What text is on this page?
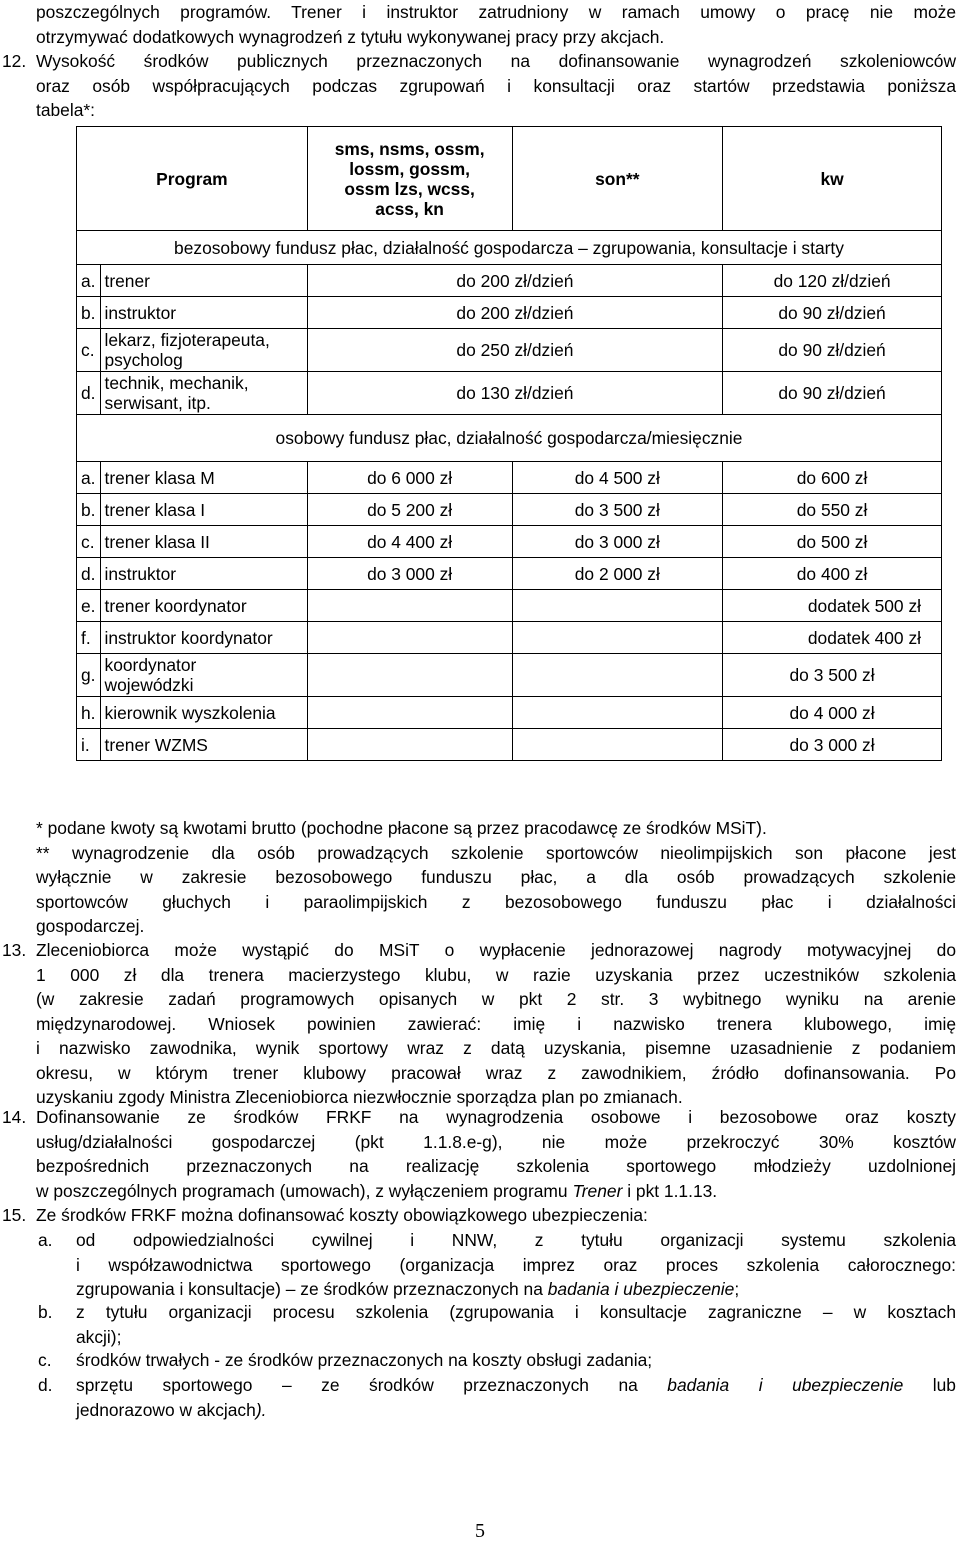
poszczególnych programów. Trener i instruktor zatrudniony w ramach umowy o pracę nie może
otrzymywać dodatkowych wynagrodzeń z tytułu wykonywanej pracy przy akcjach.
12. Wysokość środków publicznych przeznaczonych na dofinansowanie wynagrodzeń szkoleniowców
oraz osób współpracujących podczas zgrupowań i konsultacji oraz startów przedstawia poniższa
tabela*:
Program		sms, nsms, ossm,
lossm, gossm,
ossm lzs, wcss,
acss, kn	son**	kw
bezosobowy fundusz płac, działalność gospodarcza – zgrupowania, konsultacje i starty				
a.	trener	do 200 zł/dzień		do 120 zł/dzień
b.	instruktor	do 200 zł/dzień		do 90 zł/dzień
c.	lekarz, fizjoterapeuta,
psycholog	do 250 zł/dzień		do 90 zł/dzień
d.	technik, mechanik,
serwisant, itp.	do 130 zł/dzień		do 90 zł/dzień
osobowy fundusz płac, działalność gospodarcza/miesięcznie				
a.	trener klasa M	do 6 000 zł	do 4 500 zł	do 600 zł
b.	trener klasa I	do 5 200 zł	do 3 500 zł	do 550 zł
c.	trener klasa II	do 4 400 zł	do 3 000 zł	do 500 zł
d.	instruktor	do 3 000 zł	do 2 000 zł	do 400 zł
e.	trener koordynator			dodatek 500 zł
f.	instruktor koordynator			dodatek 400 zł
g.	koordynator
wojewódzki			do 3 500 zł
h.	kierownik wyszkolenia			do 4 000 zł
i.	trener WZMS			do 3 000 zł
* podane kwoty są kwotami brutto (pochodne płacone są przez pracodawcę ze środków MSiT).
** wynagrodzenie dla osób prowadzących szkolenie sportowców nieolimpijskich son płacone jest
wyłącznie w zakresie bezosobowego funduszu płac, a dla osób prowadzących szkolenie
sportowców głuchych i paraolimpijskich z bezosobowego funduszu płac i działalności
gospodarczej.
13. Zleceniobiorca może wystąpić do MSiT o wypłacenie jednorazowej nagrody motywacyjnej do
1 000 zł dla trenera macierzystego klubu, w razie uzyskania przez uczestników szkolenia
(w zakresie zadań programowych opisanych w pkt 2 str. 3 wybitnego wyniku na arenie
międzynarodowej. Wniosek powinien zawierać: imię i nazwisko trenera klubowego, imię
i nazwisko zawodnika, wynik sportowy wraz z datą uzyskania, pisemne uzasadnienie z podaniem
okresu, w którym trener klubowy pracował wraz z zawodnikiem, źródło dofinansowania. Po
uzyskaniu zgody Ministra Zleceniobiorca niezwłocznie sporządza plan po zmianach.
14. Dofinansowanie ze środków FRKF na wynagrodzenia osobowe i bezosobowe oraz koszty
usług/działalności gospodarczej (pkt 1.1.8.e-g), nie może przekroczyć 30% kosztów
bezpośrednich przeznaczonych na realizację szkolenia sportowego młodzieży uzdolnionej
w poszczególnych programach (umowach), z wyłączeniem programu Trener i pkt 1.1.13.
15. Ze środków FRKF można dofinansować koszty obowiązkowego ubezpieczenia:
a. od odpowiedzialności cywilnej i NNW, z tytułu organizacji systemu szkolenia
i współzawodnictwa sportowego (organizacja imprez oraz proces szkolenia całorocznego:
zgrupowania i konsultacje) – ze środków przeznaczonych na badania i ubezpieczenie;
b. z tytułu organizacji procesu szkolenia (zgrupowania i konsultacje zagraniczne – w kosztach
akcji);
c. środków trwałych - ze środków przeznaczonych na koszty obsługi zadania;
d. sprzętu sportowego – ze środków przeznaczonych na badania i ubezpieczenie lub
jednorazowo w akcjach).
5
